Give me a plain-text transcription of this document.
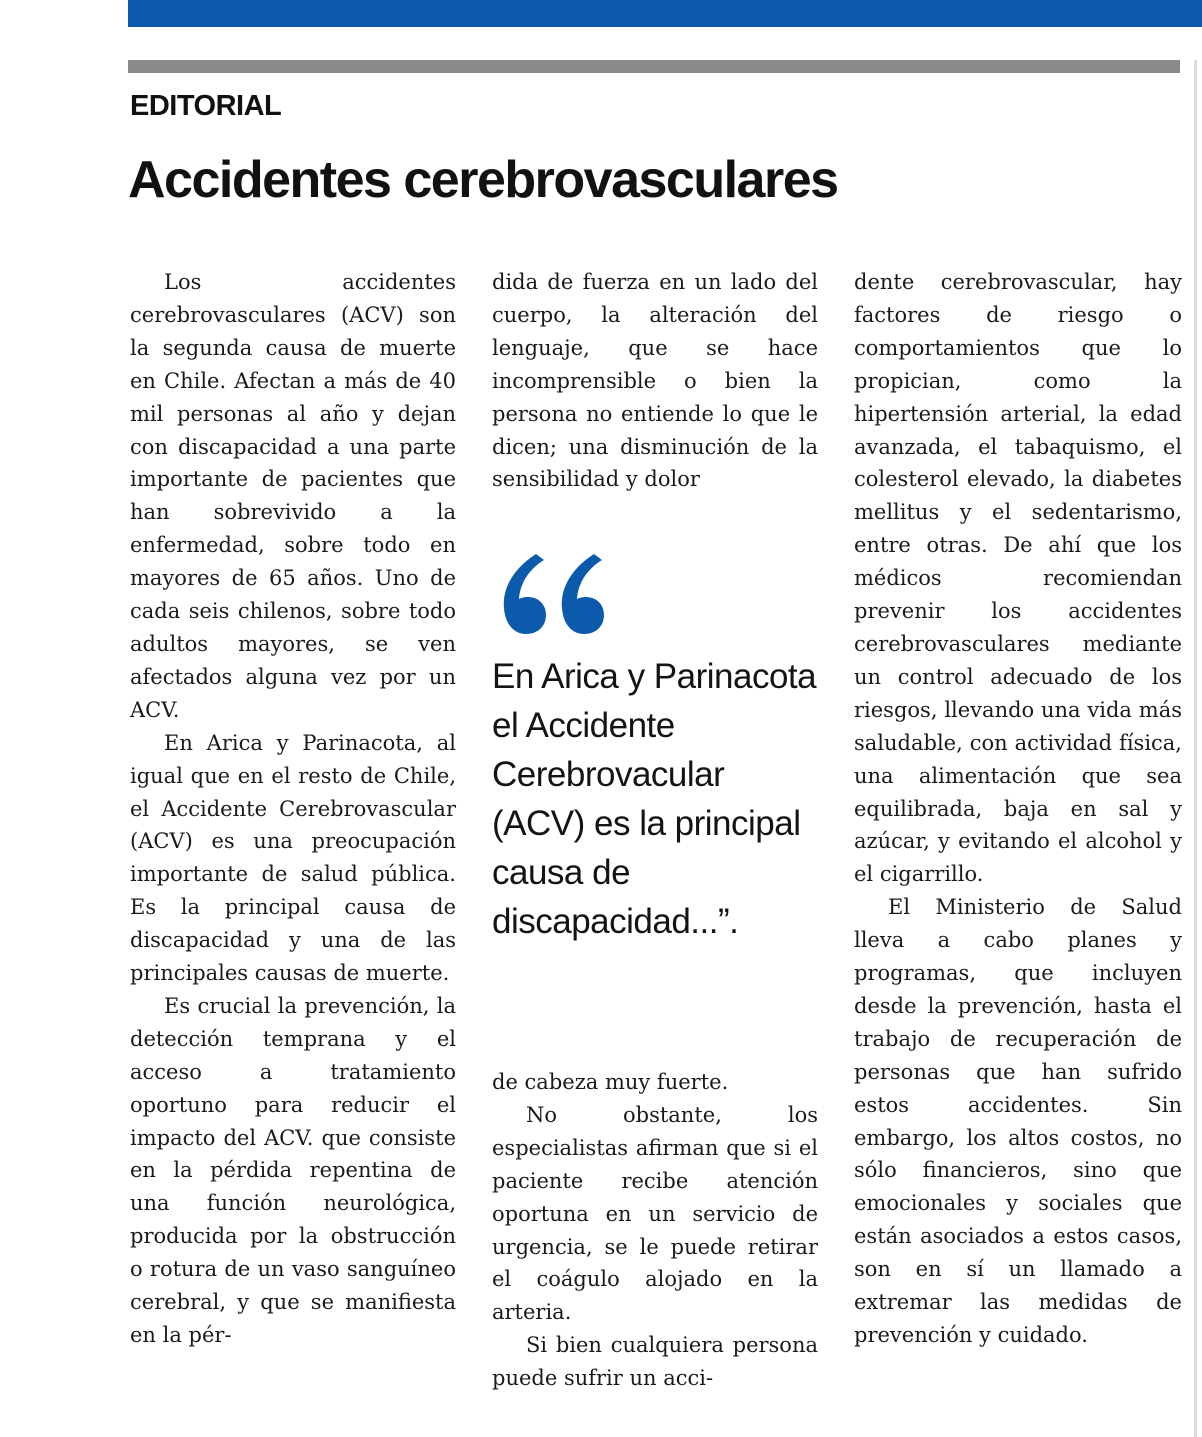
EDITORIAL
Accidentes cerebrovasculares

Los accidentes cerebrovasculares (ACV) son la segunda causa de muerte en Chile. Afectan a más de 40 mil personas al año y dejan con discapacidad a una parte importante de pacientes que han sobrevivido a la enfermedad, sobre todo en mayores de 65 años. Uno de cada seis chilenos, sobre todo adultos mayores, se ven afectados alguna vez por un ACV.

En Arica y Parinacota, al igual que en el resto de Chile, el Accidente Cerebrovascular (ACV) es una preocupación importante de salud pública. Es la principal causa de discapacidad y una de las principales causas de muerte.

Es crucial la prevención, la detección temprana y el acceso a tratamiento oportuno para reducir el impacto del ACV. que consiste en la pérdida repentina de una función neurológica, producida por la obstrucción o rotura de un vaso sanguíneo cerebral, y que se manifiesta en la pér-

dida de fuerza en un lado del cuerpo, la alteración del lenguaje, que se hace incomprensible o bien la persona no entiende lo que le dicen; una disminución de la sensibilidad y dolor

En Arica y Parinacota el Accidente Cerebrovacular (ACV) es la principal causa de discapacidad...”.

de cabeza muy fuerte.

No obstante, los especialistas afirman que si el paciente recibe atención oportuna en un servicio de urgencia, se le puede retirar el coágulo alojado en la arteria.

Si bien cualquiera persona puede sufrir un acci-

dente cerebrovascular, hay factores de riesgo o comportamientos que lo propician, como la hipertensión arterial, la edad avanzada, el tabaquismo, el colesterol elevado, la diabetes mellitus y el sedentarismo, entre otras. De ahí que los médicos recomiendan prevenir los accidentes cerebrovasculares mediante un control adecuado de los riesgos, llevando una vida más saludable, con actividad física, una alimentación que sea equilibrada, baja en sal y azúcar, y evitando el alcohol y el cigarrillo.

El Ministerio de Salud lleva a cabo planes y programas, que incluyen desde la prevención, hasta el trabajo de recuperación de personas que han sufrido estos accidentes. Sin embargo, los altos costos, no sólo financieros, sino que emocionales y sociales que están asociados a estos casos, son en sí un llamado a extremar las medidas de prevención y cuidado.
